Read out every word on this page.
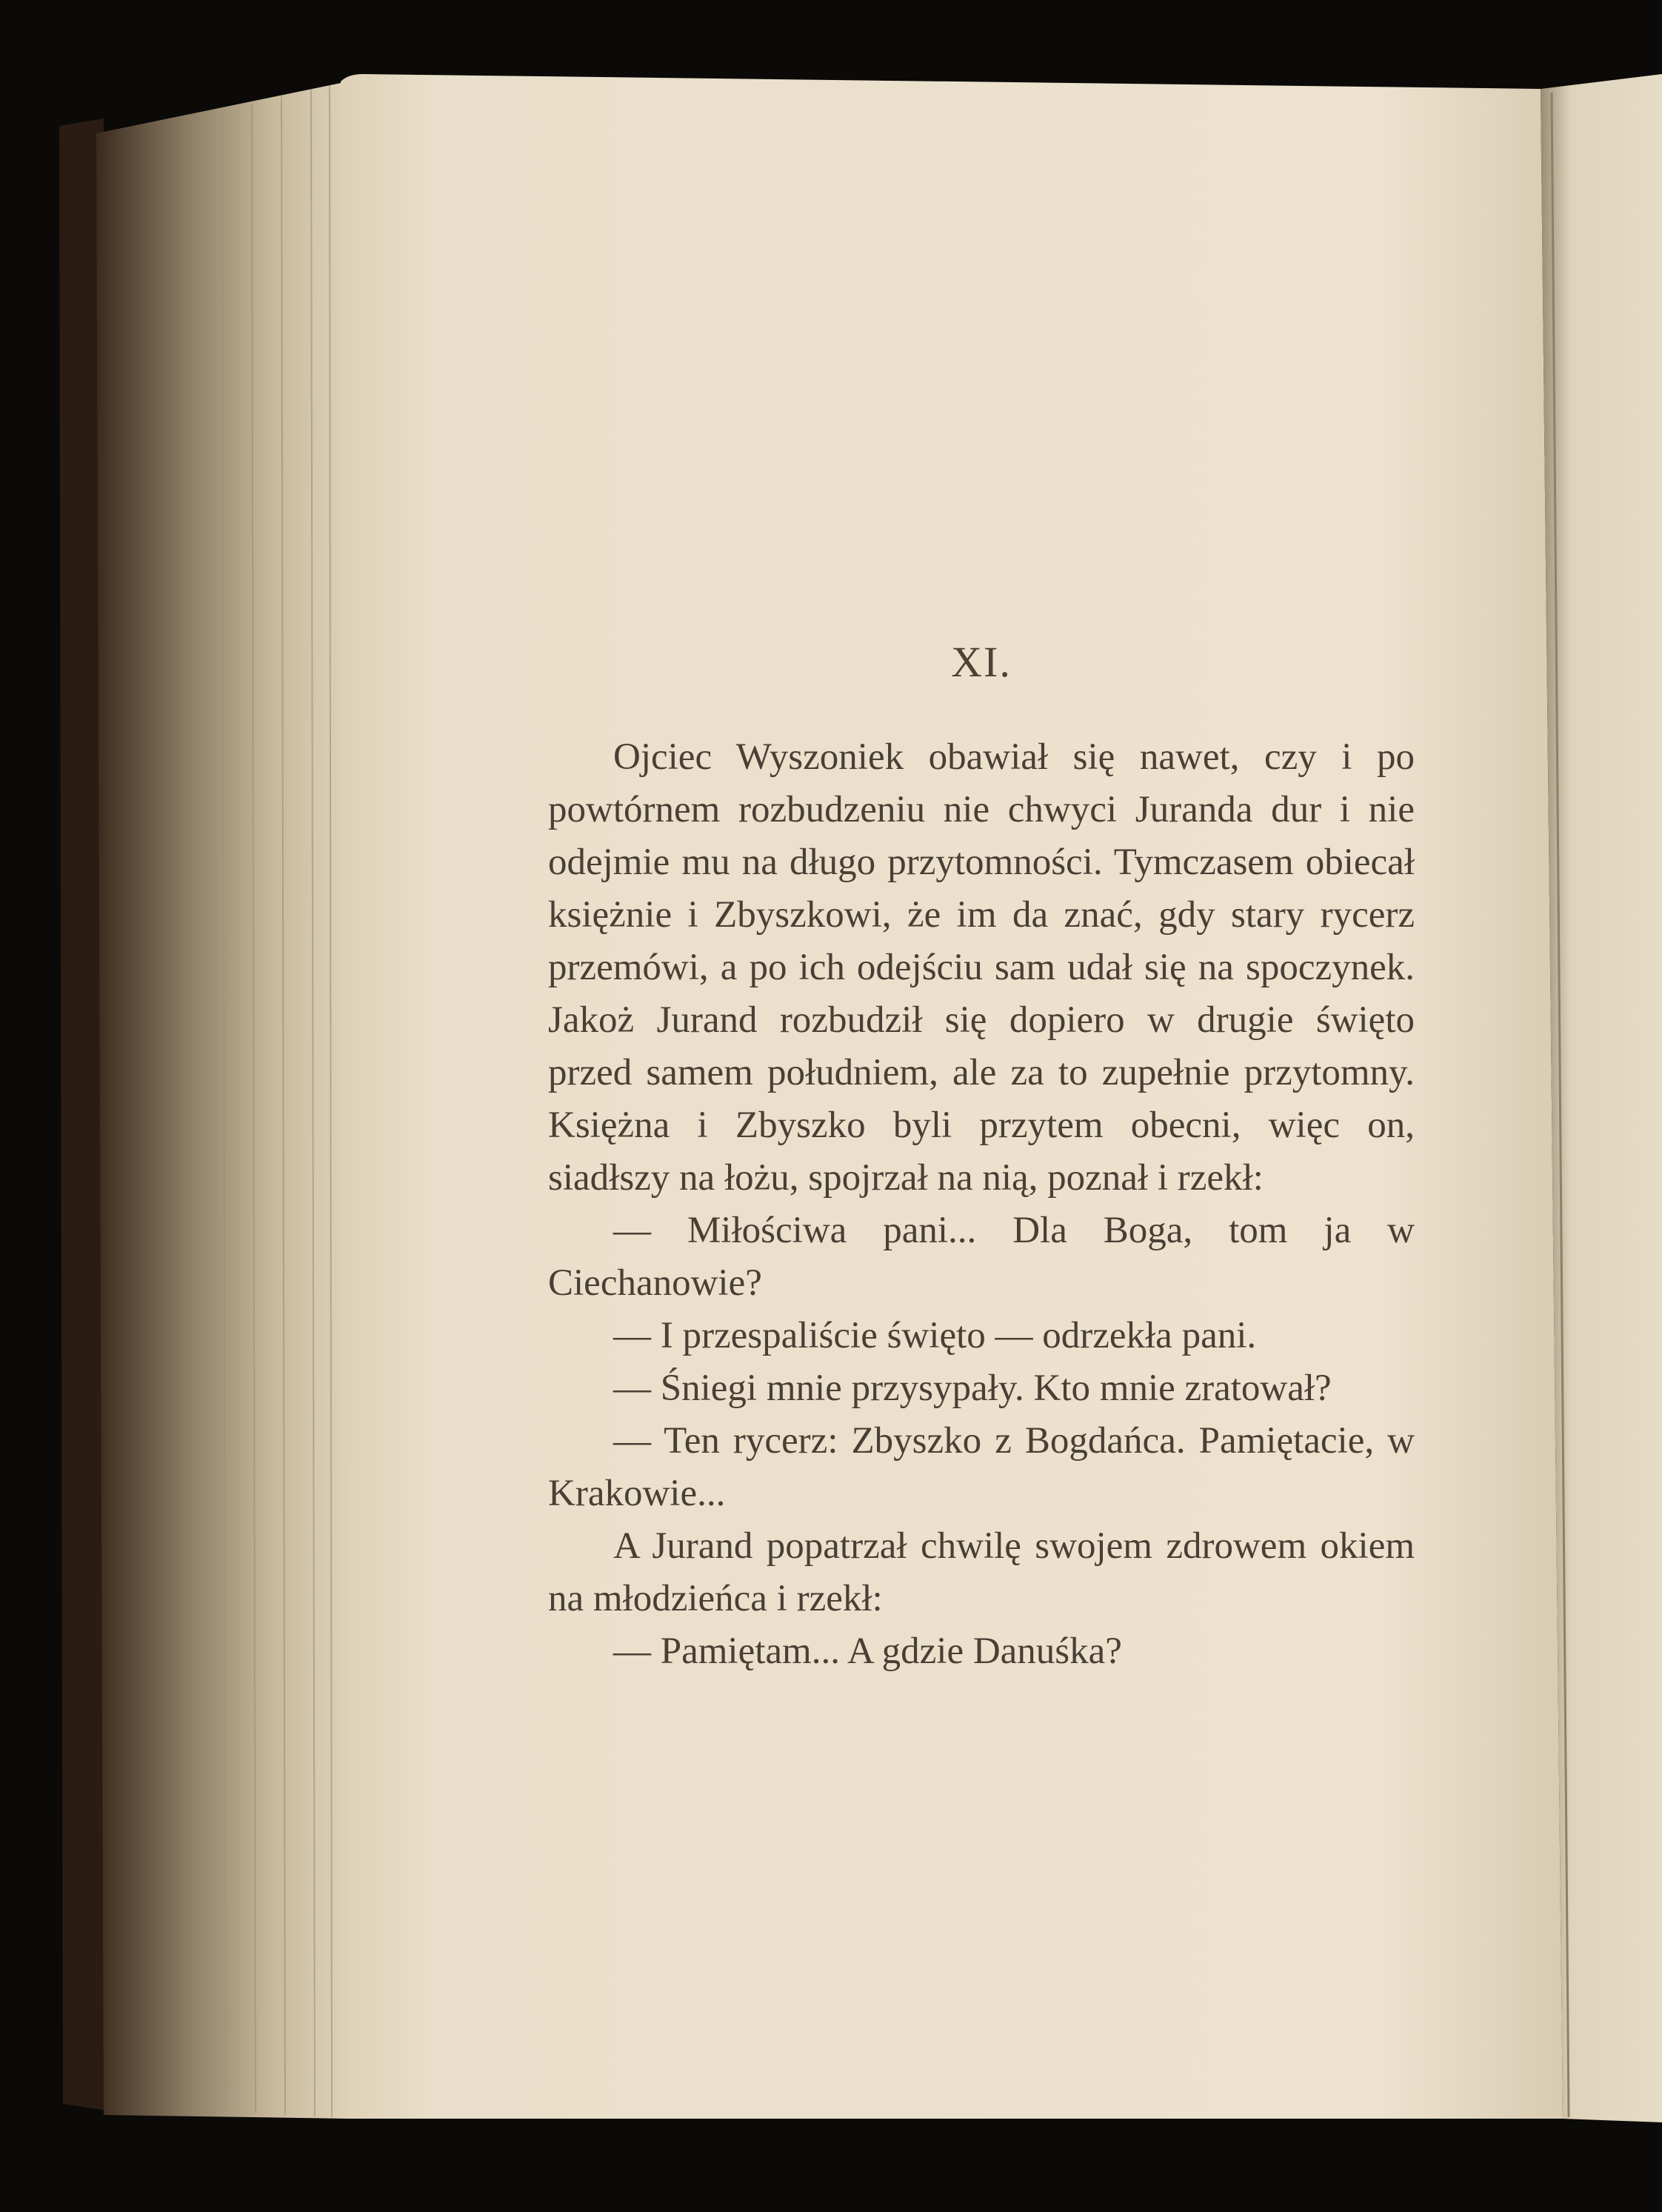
XI.

Ojciec Wyszoniek obawiał się nawet, czy i po powtórnem rozbudzeniu nie chwyci Juranda dur i nie odejmie mu na długo przytomności. Tymczasem obiecał księżnie i Zbyszkowi, że im da znać, gdy stary rycerz przemówi, a po ich odejściu sam udał się na spoczynek. Jakoż Jurand rozbudził się dopiero w drugie święto przed samem południem, ale za to zupełnie przytomny. Księżna i Zbyszko byli przytem obecni, więc on, siadłszy na łożu, spojrzał na nią, poznał i rzekł:

— Miłościwa pani... Dla Boga, tom ja w Ciechanowie?

— I przespaliście święto — odrzekła pani.

— Śniegi mnie przysypały. Kto mnie zratował?

— Ten rycerz: Zbyszko z Bogdańca. Pamiętacie, w Krakowie...

A Jurand popatrzał chwilę swojem zdrowem okiem na młodzieńca i rzekł:

— Pamiętam... A gdzie Danuśka?
